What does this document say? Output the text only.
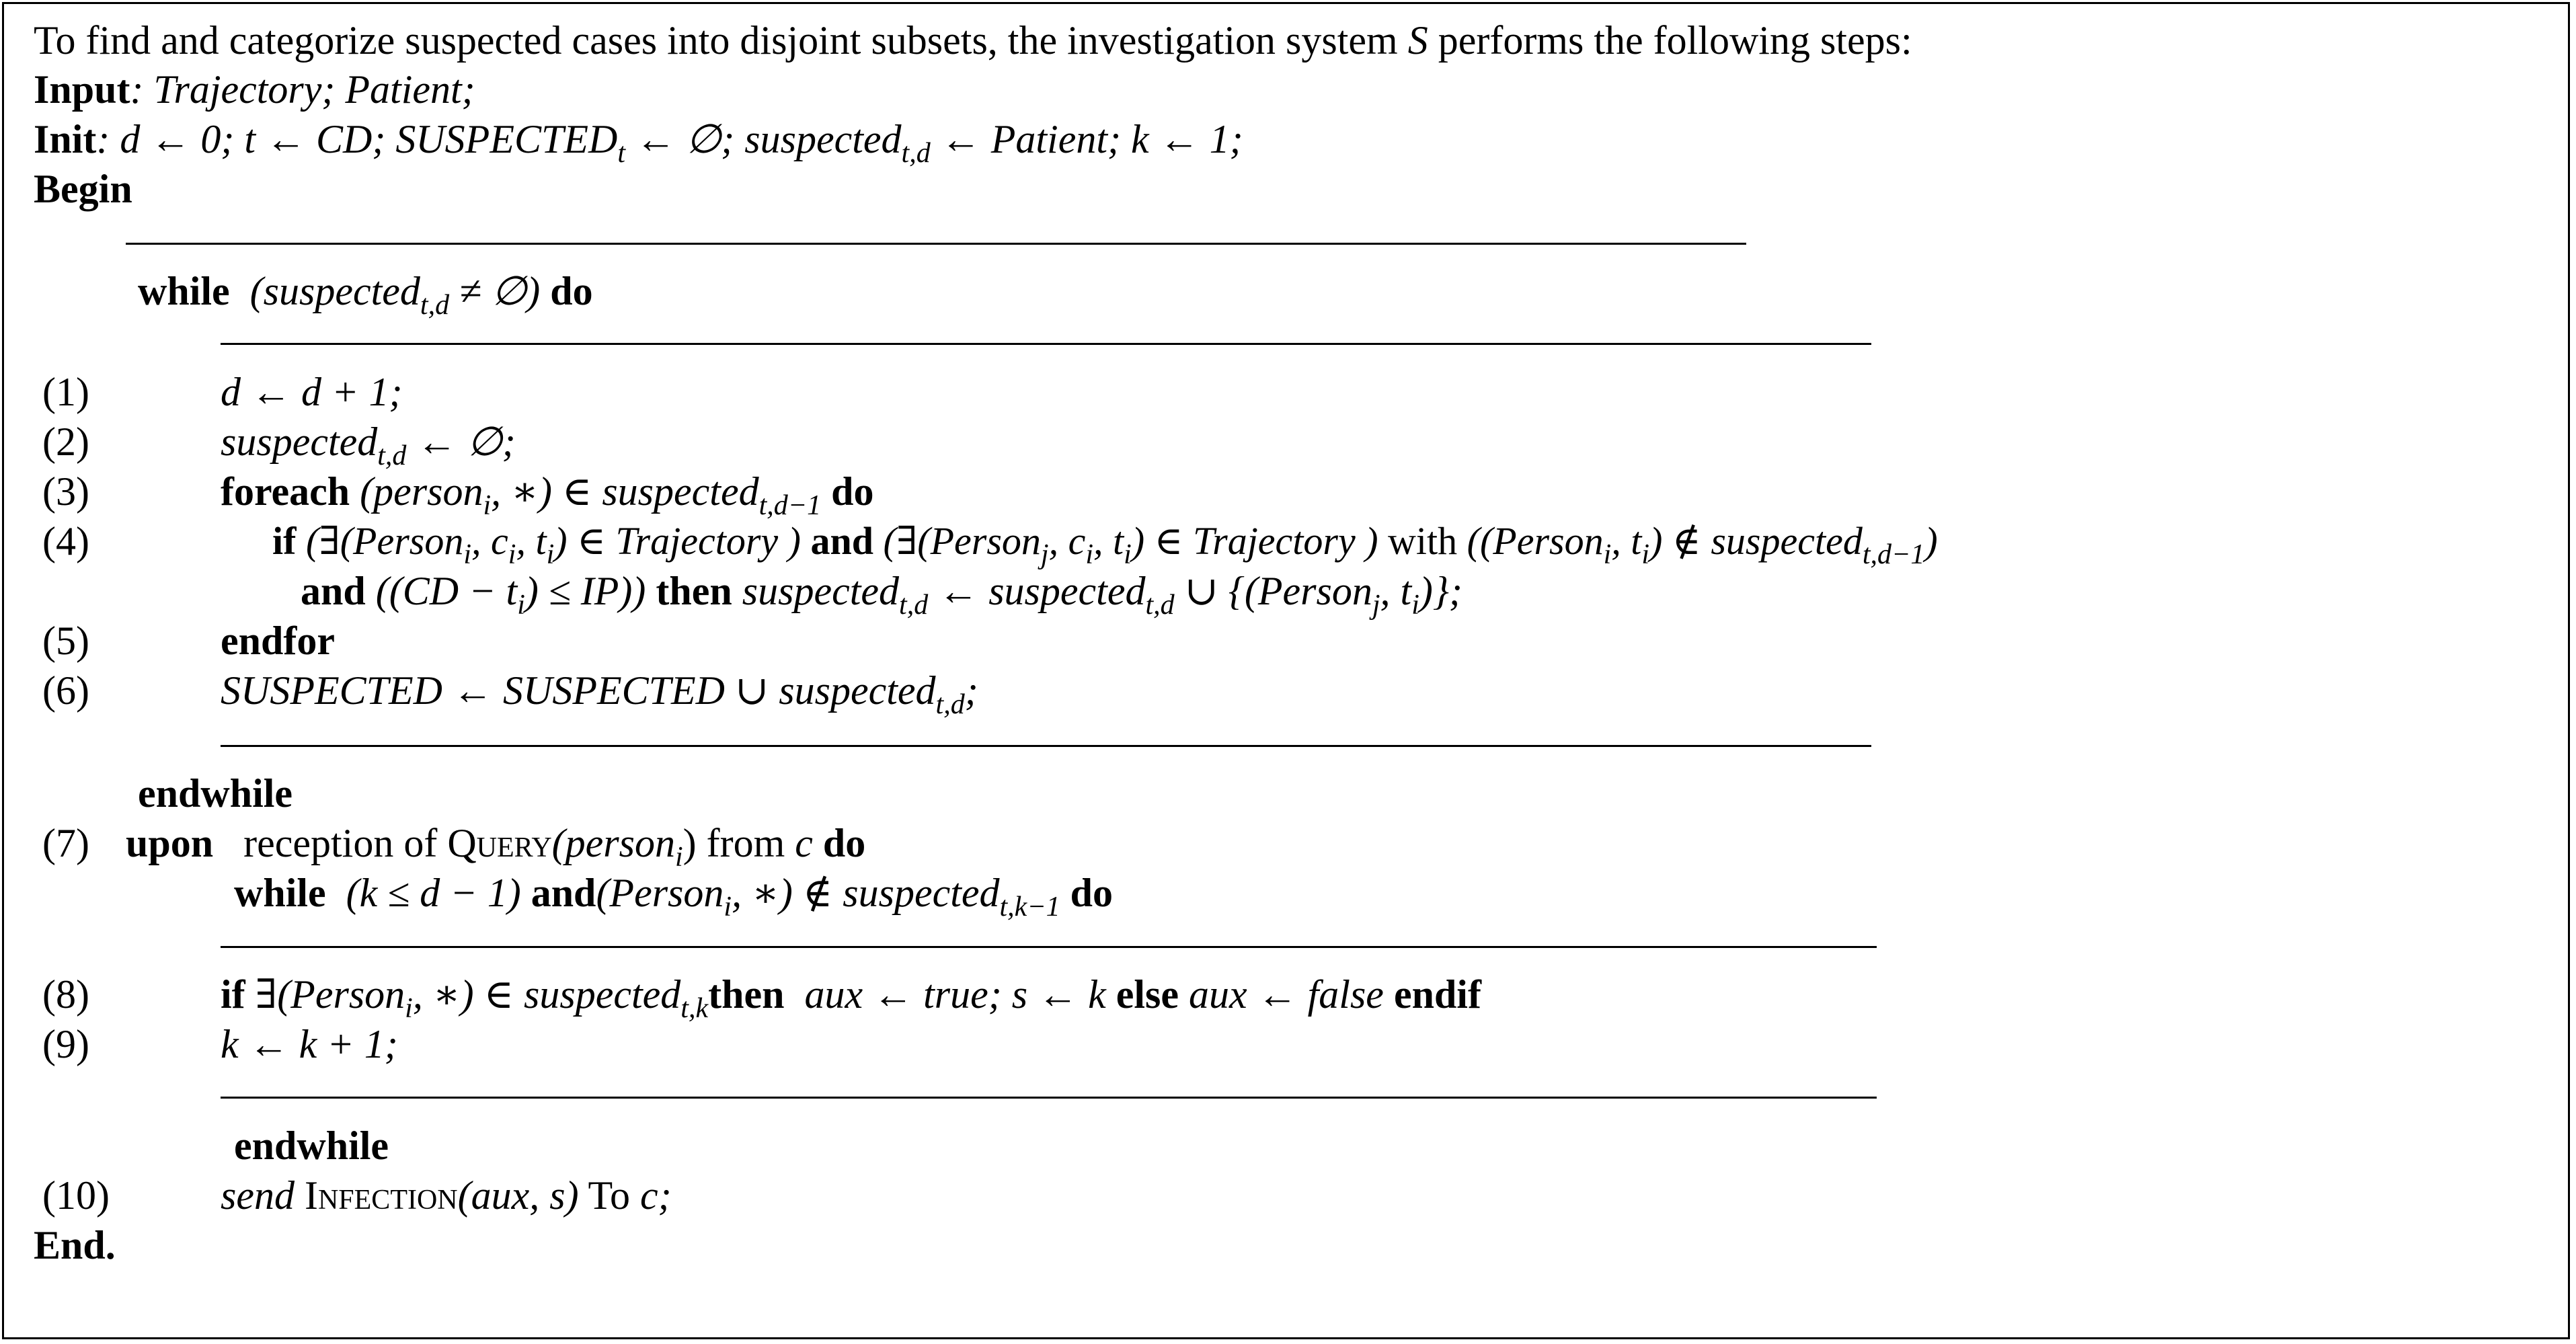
To find and categorize suspected cases into disjoint subsets, the investigation system S performs the following steps:
Input: Trajectory; Patient;
Init: d ← 0; t ← CD; $SUSPECTED_t$ ← ∅; suspected$_{t,d}$ ← Patient; k ← 1;
Begin
while (suspected$_{t,d}$ ≠ ∅) do
(1)
(2)
(3)
(4)
(5)
(6)
(7)
(8)
(9)
(10)
d ← d + 1;
suspected$_{t,d}$ ← ∅;
foreach (person$_i$, ∗) ∈ suspected$_{t,d-1}$ do
if (∃(Person$_i$, $c_i$, $t_i$) ∈ Trajectory ) and (∃(Person$_j$, $c_i$, $t_i$) ∈ Trajectory ) with ((Person$_i$, $t_i$) ∉ suspected$_{t,d-1}$)
and $((CD - t_i) \le IP)$) then suspected$_{t,d}$ ← suspected$_{t,d}$ ∪ {(Person$_j$, $t_i$)};
endfor
SUSPECTED ← SUSPECTED ∪ suspected$_{t,d}$;
endwhile
upon reception of Query(person$_i$) from c do
while (k ≤ d − 1) and(Person$_i$, ∗) ∉ suspected$_{t,k-1}$ do
if ∃(Person$_i$, ∗) ∈ suspected$_{t,k}$then aux ← true; s ← k else aux ← false endif
k ← k + 1;
endwhile
send Infection(aux, s) To c;
End.
